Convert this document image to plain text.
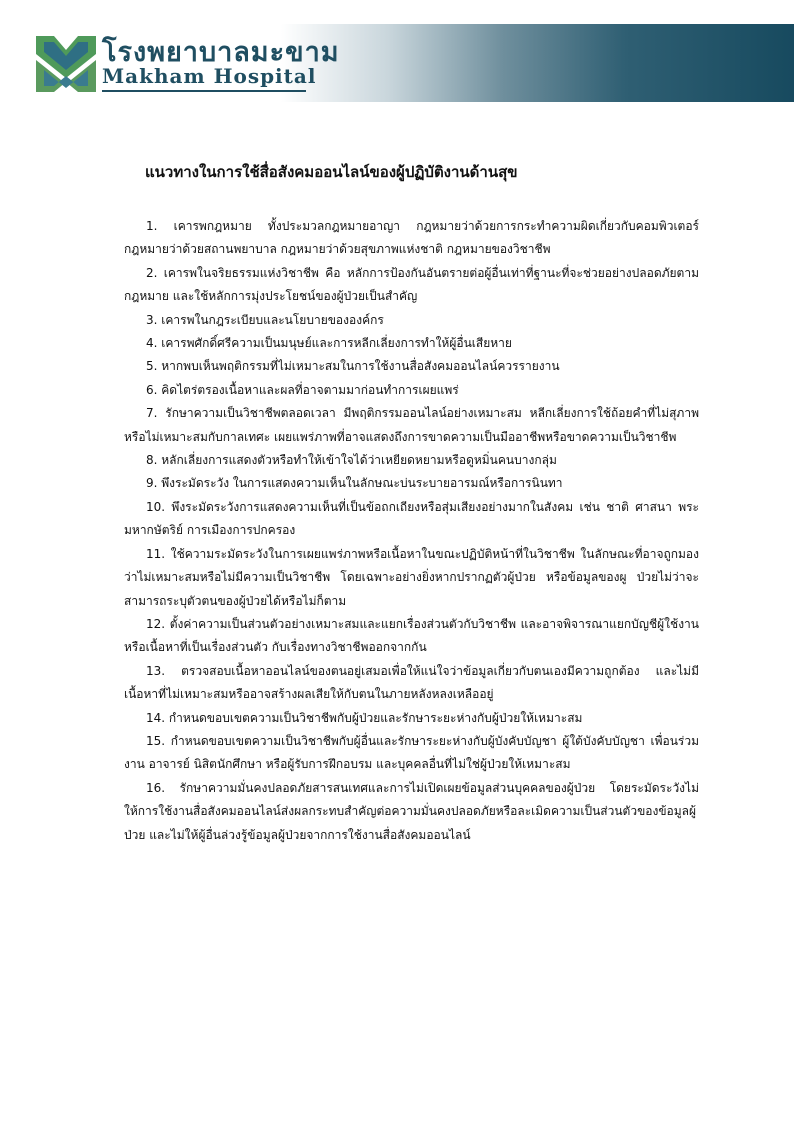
โรงพยาบาลมะขาม
Makham Hospital
แนวทางในการใช้สื่อสังคมออนไลน์ของผู้ปฏิบัติงานด้านสุข

1. เคารพกฎหมาย ทั้งประมวลกฎหมายอาญา กฎหมายว่าด้วยการกระทำความผิดเกี่ยวกับคอมพิวเตอร์ กฎหมายว่าด้วยสถานพยาบาล กฎหมายว่าด้วยสุขภาพแห่งชาติ กฎหมายของวิชาชีพ

2. เคารพในจริยธรรมแห่งวิชาชีพ คือ หลักการป้องกันอันตรายต่อผู้อื่นเท่าที่ฐานะที่จะช่วยอย่างปลอดภัยตามกฎหมาย และใช้หลักการมุ่งประโยชน์ของผู้ป่วยเป็นสำคัญ

3. เคารพในกฎระเบียบและนโยบายขององค์กร

4. เคารพศักดิ์ศรีความเป็นมนุษย์และการหลีกเลี่ยงการทำให้ผู้อื่นเสียหาย

5. หากพบเห็นพฤติกรรมที่ไม่เหมาะสมในการใช้งานสื่อสังคมออนไลน์ควรรายงาน

6. คิดไตร่ตรองเนื้อหาและผลที่อาจตามมาก่อนทำการเผยแพร่

7. รักษาความเป็นวิชาชีพตลอดเวลา มีพฤติกรรมออนไลน์อย่างเหมาะสม หลีกเลี่ยงการใช้ถ้อยคำที่ไม่สุภาพหรือไม่เหมาะสมกับกาลเทศะ เผยแพร่ภาพที่อาจแสดงถึงการขาดความเป็นมืออาชีพหรือขาดความเป็นวิชาชีพ

8. หลักเลี่ยงการแสดงตัวหรือทำให้เข้าใจได้ว่าเหยียดหยามหรือดูหมิ่นคนบางกลุ่ม

9. พึงระมัดระวัง ในการแสดงความเห็นในลักษณะบ่นระบายอารมณ์หรือการนินทา

10. พึงระมัดระวังการแสดงความเห็นที่เป็นข้อถกเถียงหรือสุ่มเสียงอย่างมากในสังคม เช่น ชาติ ศาสนา พระมหากษัตริย์ การเมืองการปกครอง

11. ใช้ความระมัดระวังในการเผยแพร่ภาพหรือเนื้อหาในขณะปฏิบัติหน้าที่ในวิชาชีพ ในลักษณะที่อาจถูกมองว่าไม่เหมาะสมหรือไม่มีความเป็นวิชาชีพ โดยเฉพาะอย่างยิ่งหากปรากฏตัวผู้ป่วย หรือข้อมูลของผู ป่วยไม่ว่าจะสามารถระบุตัวตนของผู้ป่วยได้หรือไม่ก็ตาม

12. ตั้งค่าความเป็นส่วนตัวอย่างเหมาะสมและแยกเรื่องส่วนตัวกับวิชาชีพ และอาจพิจารณาแยกบัญชีผู้ใช้งานหรือเนื้อหาที่เป็นเรื่องส่วนตัว กับเรื่องทางวิชาชีพออกจากกัน

13. ตรวจสอบเนื้อหาออนไลน์ของตนอยู่เสมอเพื่อให้แน่ใจว่าข้อมูลเกี่ยวกับตนเองมีความถูกต้อง และไม่มีเนื้อหาที่ไม่เหมาะสมหรืออาจสร้างผลเสียให้กับตนในภายหลังหลงเหลืออยู่

14. กำหนดขอบเขตความเป็นวิชาชีพกับผู้ป่วยและรักษาระยะห่างกับผู้ป่วยให้เหมาะสม

15. กำหนดขอบเขตความเป็นวิชาชีพกับผู้อื่นและรักษาระยะห่างกับผู้บังคับบัญชา ผู้ใต้บังคับบัญชา เพื่อนร่วมงาน อาจารย์ นิสิตนักศึกษา หรือผู้รับการฝึกอบรม และบุคคลอื่นที่ไม่ใช่ผู้ป่วยให้เหมาะสม

16. รักษาความมั่นคงปลอดภัยสารสนเทศและการไม่เปิดเผยข้อมูลส่วนบุคคลของผู้ป่วย โดยระมัดระวังไม่ให้การใช้งานสื่อสังคมออนไลน์ส่งผลกระทบสำคัญต่อความมั่นคงปลอดภัยหรือละเมิดความเป็นส่วนตัวของข้อมูลผู้ป่วย และไม่ให้ผู้อื่นล่วงรู้ข้อมูลผู้ป่วยจากการใช้งานสื่อสังคมออนไลน์
